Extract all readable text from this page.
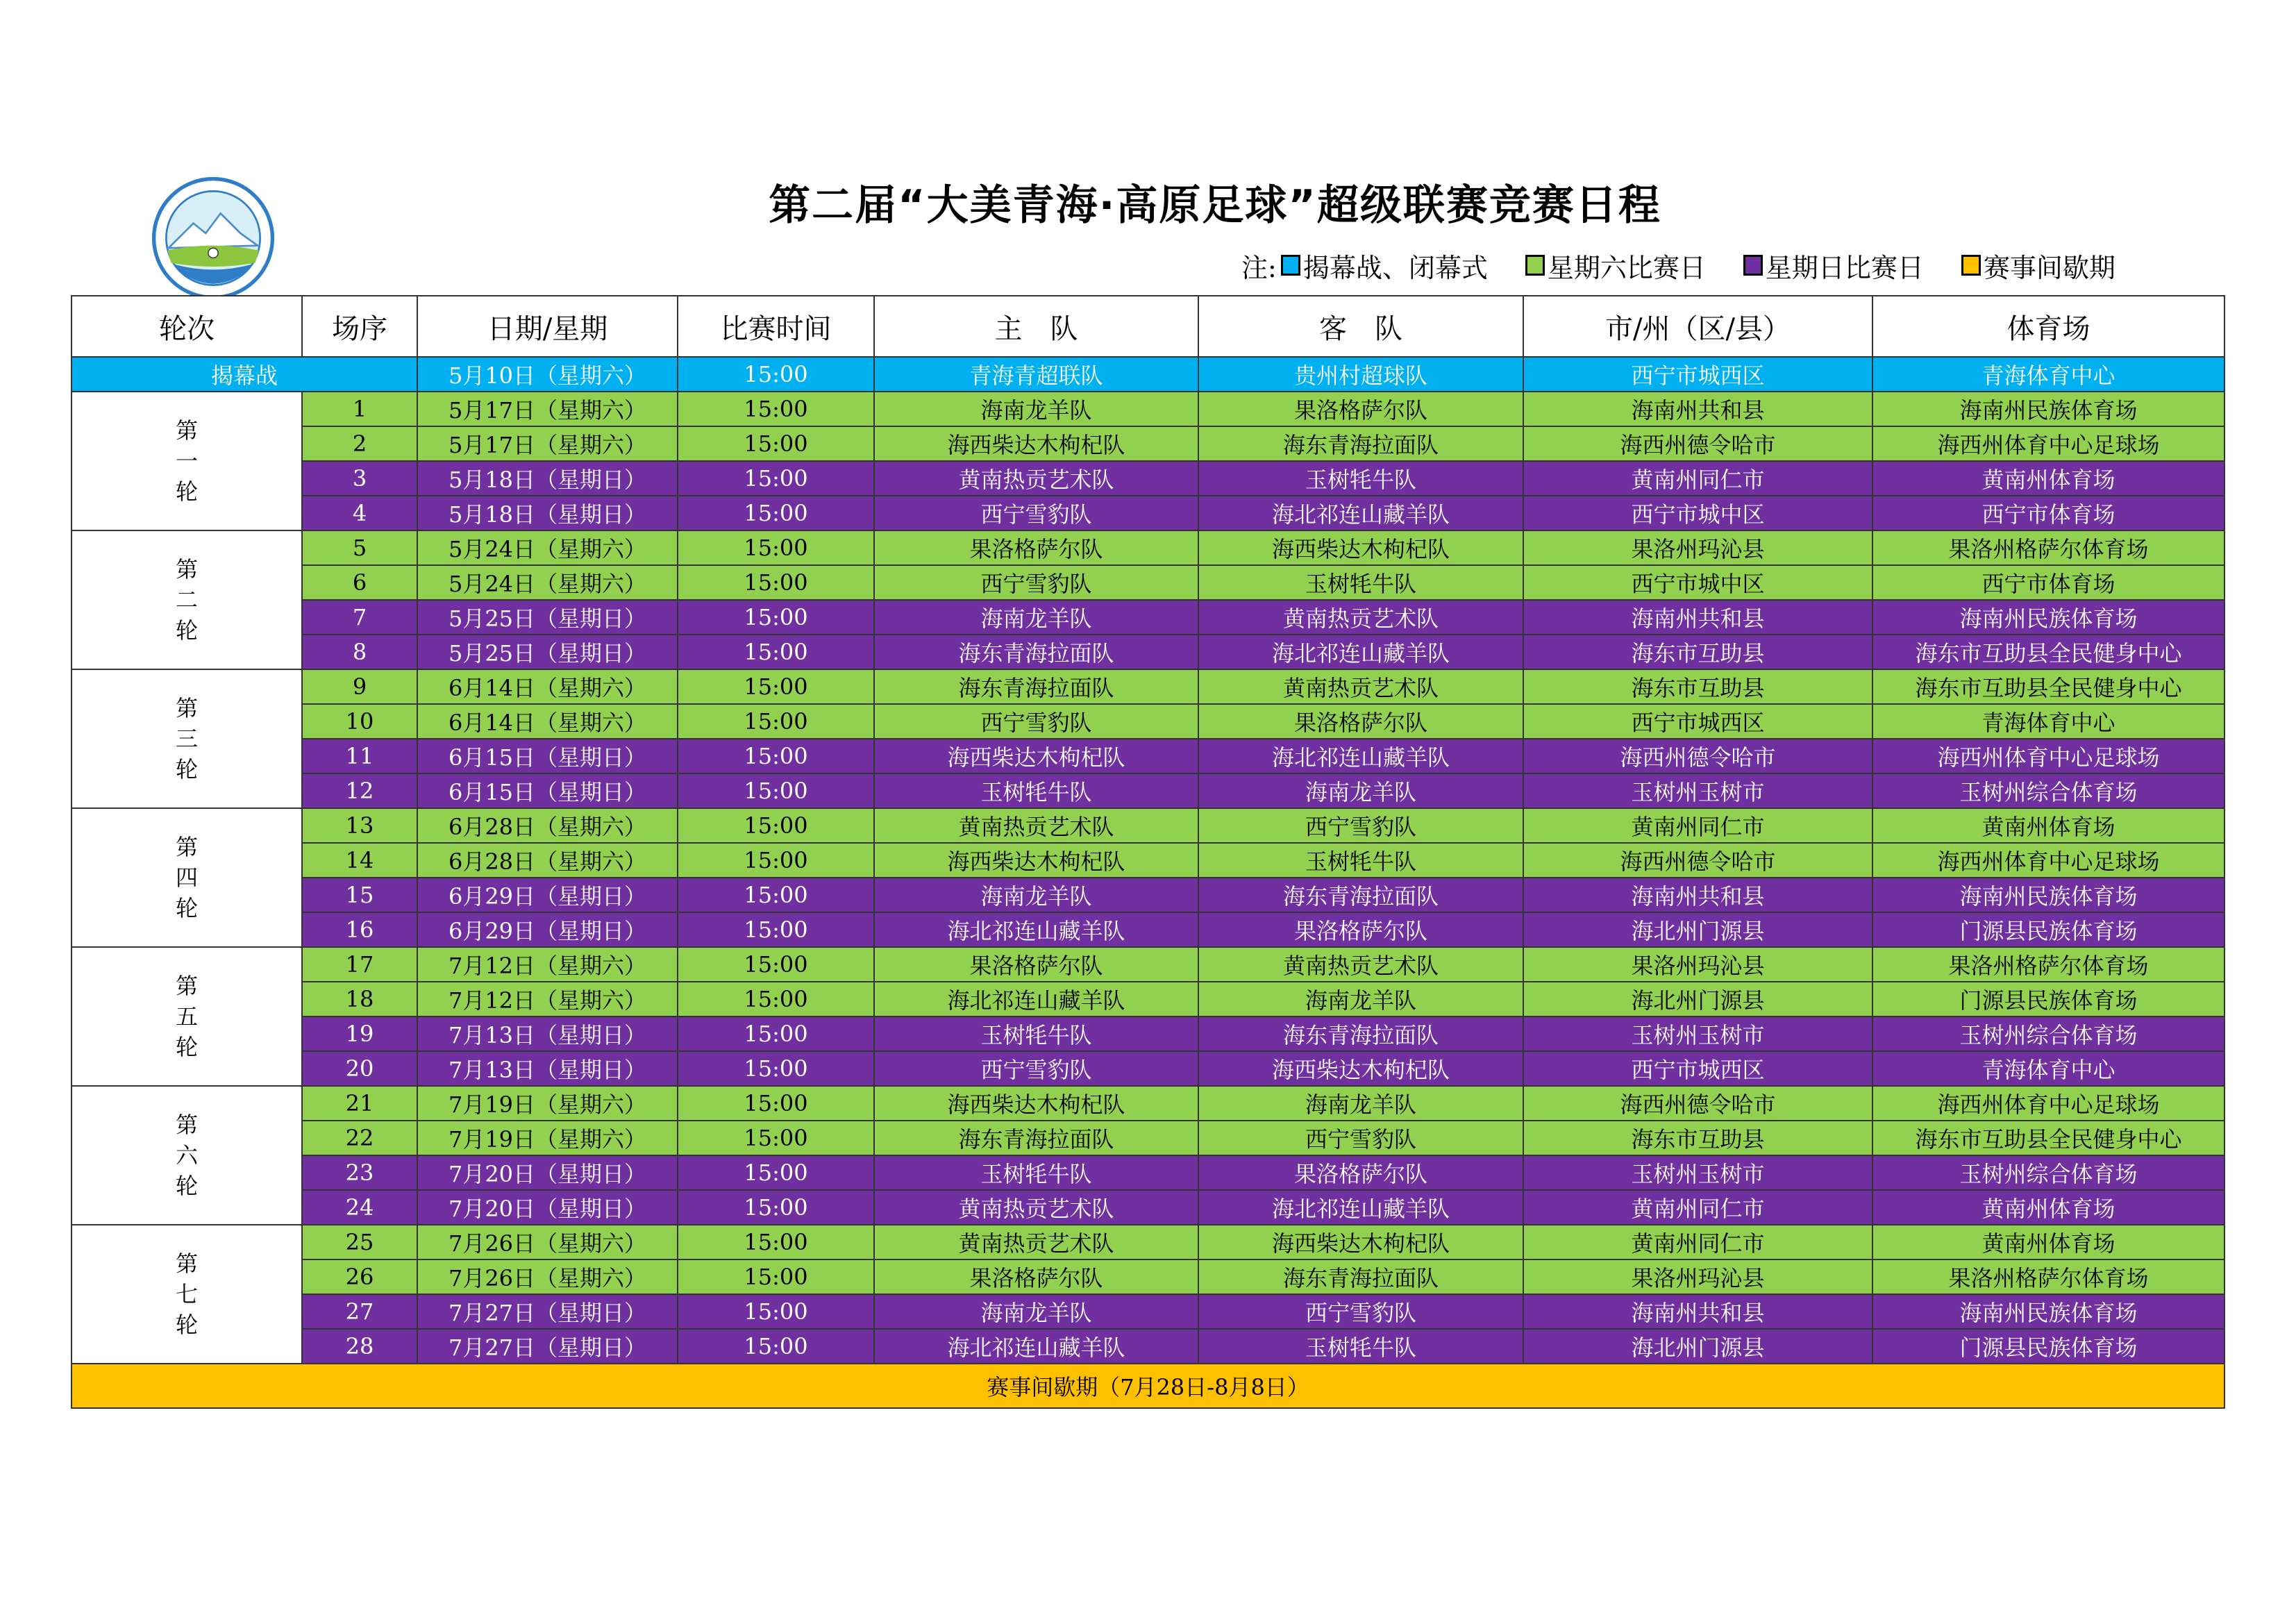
第二届“大美青海·高原足球”超级联赛竞赛日程
注: 揭幕战、闭幕式 星期六比赛日 星期日比赛日 赛事间歇期
轮次	场序	日期/星期	比赛时间	主　队	客　队	市/州（区/县）	体育场
揭幕战		5月10日（星期六）	15:00	青海青超联队	贵州村超球队	西宁市城西区	青海体育中心
第一轮	1	5月17日（星期六）	15:00	海南龙羊队	果洛格萨尔队	海南州共和县	海南州民族体育场
	2	5月17日（星期六）	15:00	海西柴达木枸杞队	海东青海拉面队	海西州德令哈市	海西州体育中心足球场
	3	5月18日（星期日）	15:00	黄南热贡艺术队	玉树牦牛队	黄南州同仁市	黄南州体育场
	4	5月18日（星期日）	15:00	西宁雪豹队	海北祁连山藏羊队	西宁市城中区	西宁市体育场
第二轮	5	5月24日（星期六）	15:00	果洛格萨尔队	海西柴达木枸杞队	果洛州玛沁县	果洛州格萨尔体育场
	6	5月24日（星期六）	15:00	西宁雪豹队	玉树牦牛队	西宁市城中区	西宁市体育场
	7	5月25日（星期日）	15:00	海南龙羊队	黄南热贡艺术队	海南州共和县	海南州民族体育场
	8	5月25日（星期日）	15:00	海东青海拉面队	海北祁连山藏羊队	海东市互助县	海东市互助县全民健身中心
第三轮	9	6月14日（星期六）	15:00	海东青海拉面队	黄南热贡艺术队	海东市互助县	海东市互助县全民健身中心
	10	6月14日（星期六）	15:00	西宁雪豹队	果洛格萨尔队	西宁市城西区	青海体育中心
	11	6月15日（星期日）	15:00	海西柴达木枸杞队	海北祁连山藏羊队	海西州德令哈市	海西州体育中心足球场
	12	6月15日（星期日）	15:00	玉树牦牛队	海南龙羊队	玉树州玉树市	玉树州综合体育场
第四轮	13	6月28日（星期六）	15:00	黄南热贡艺术队	西宁雪豹队	黄南州同仁市	黄南州体育场
	14	6月28日（星期六）	15:00	海西柴达木枸杞队	玉树牦牛队	海西州德令哈市	海西州体育中心足球场
	15	6月29日（星期日）	15:00	海南龙羊队	海东青海拉面队	海南州共和县	海南州民族体育场
	16	6月29日（星期日）	15:00	海北祁连山藏羊队	果洛格萨尔队	海北州门源县	门源县民族体育场
第五轮	17	7月12日（星期六）	15:00	果洛格萨尔队	黄南热贡艺术队	果洛州玛沁县	果洛州格萨尔体育场
	18	7月12日（星期六）	15:00	海北祁连山藏羊队	海南龙羊队	海北州门源县	门源县民族体育场
	19	7月13日（星期日）	15:00	玉树牦牛队	海东青海拉面队	玉树州玉树市	玉树州综合体育场
	20	7月13日（星期日）	15:00	西宁雪豹队	海西柴达木枸杞队	西宁市城西区	青海体育中心
第六轮	21	7月19日（星期六）	15:00	海西柴达木枸杞队	海南龙羊队	海西州德令哈市	海西州体育中心足球场
	22	7月19日（星期六）	15:00	海东青海拉面队	西宁雪豹队	海东市互助县	海东市互助县全民健身中心
	23	7月20日（星期日）	15:00	玉树牦牛队	果洛格萨尔队	玉树州玉树市	玉树州综合体育场
	24	7月20日（星期日）	15:00	黄南热贡艺术队	海北祁连山藏羊队	黄南州同仁市	黄南州体育场
第七轮	25	7月26日（星期六）	15:00	黄南热贡艺术队	海西柴达木枸杞队	黄南州同仁市	黄南州体育场
	26	7月26日（星期六）	15:00	果洛格萨尔队	海东青海拉面队	果洛州玛沁县	果洛州格萨尔体育场
	27	7月27日（星期日）	15:00	海南龙羊队	西宁雪豹队	海南州共和县	海南州民族体育场
	28	7月27日（星期日）	15:00	海北祁连山藏羊队	玉树牦牛队	海北州门源县	门源县民族体育场
赛事间歇期（7月28日-8月8日）							
